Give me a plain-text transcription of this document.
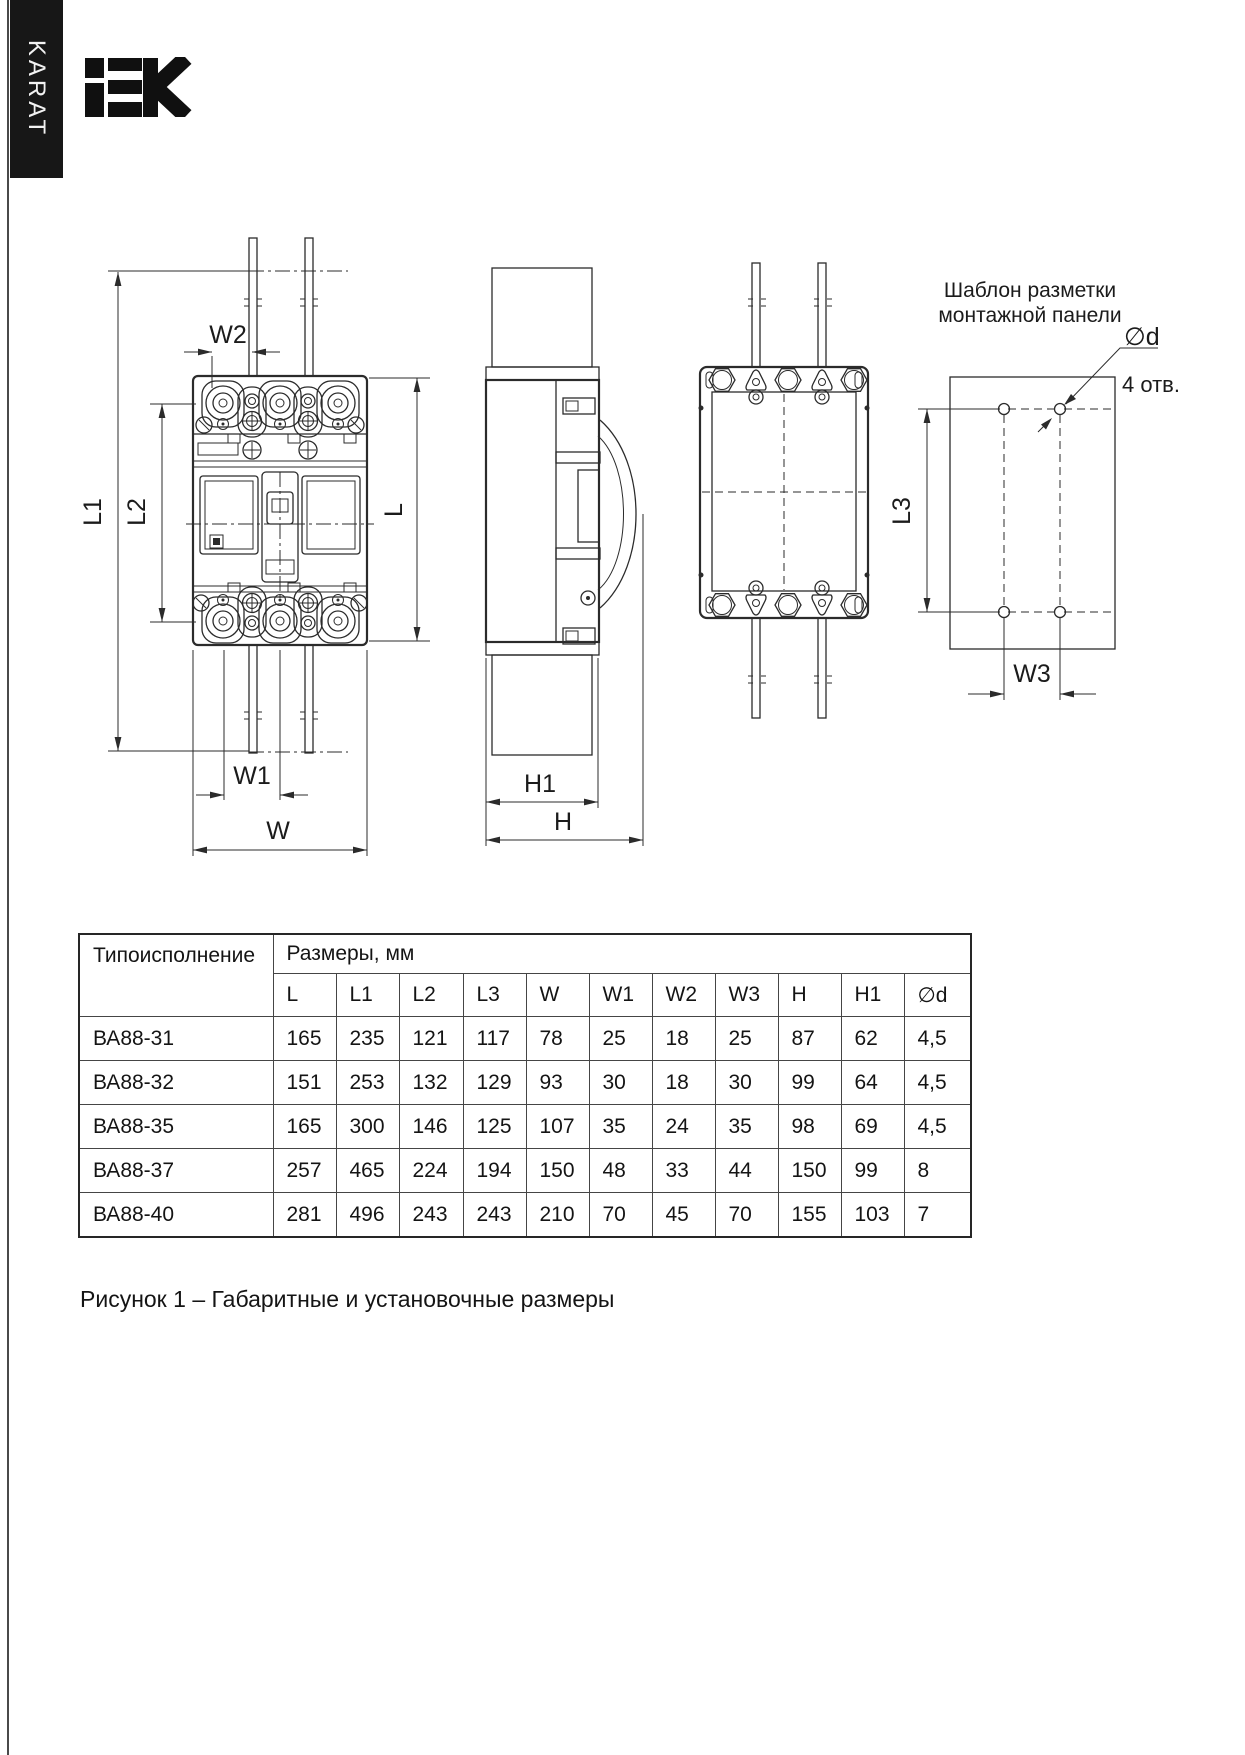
KARAT
L1 L2
W2
L
W1
W
H1
H
Шаблон разметки
монтажной панели
L3
W3
∅d
4 отв.
Типоисполнение	Размеры, мм										
	L	L1	L2	L3	W	W1	W2	W3	H	H1	∅d
ВА88-31	165	235	121	117	78	25	18	25	87	62	4,5
ВА88-32	151	253	132	129	93	30	18	30	99	64	4,5
ВА88-35	165	300	146	125	107	35	24	35	98	69	4,5
ВА88-37	257	465	224	194	150	48	33	44	150	99	8
ВА88-40	281	496	243	243	210	70	45	70	155	103	7
Рисунок 1 – Габаритные и установочные размеры
